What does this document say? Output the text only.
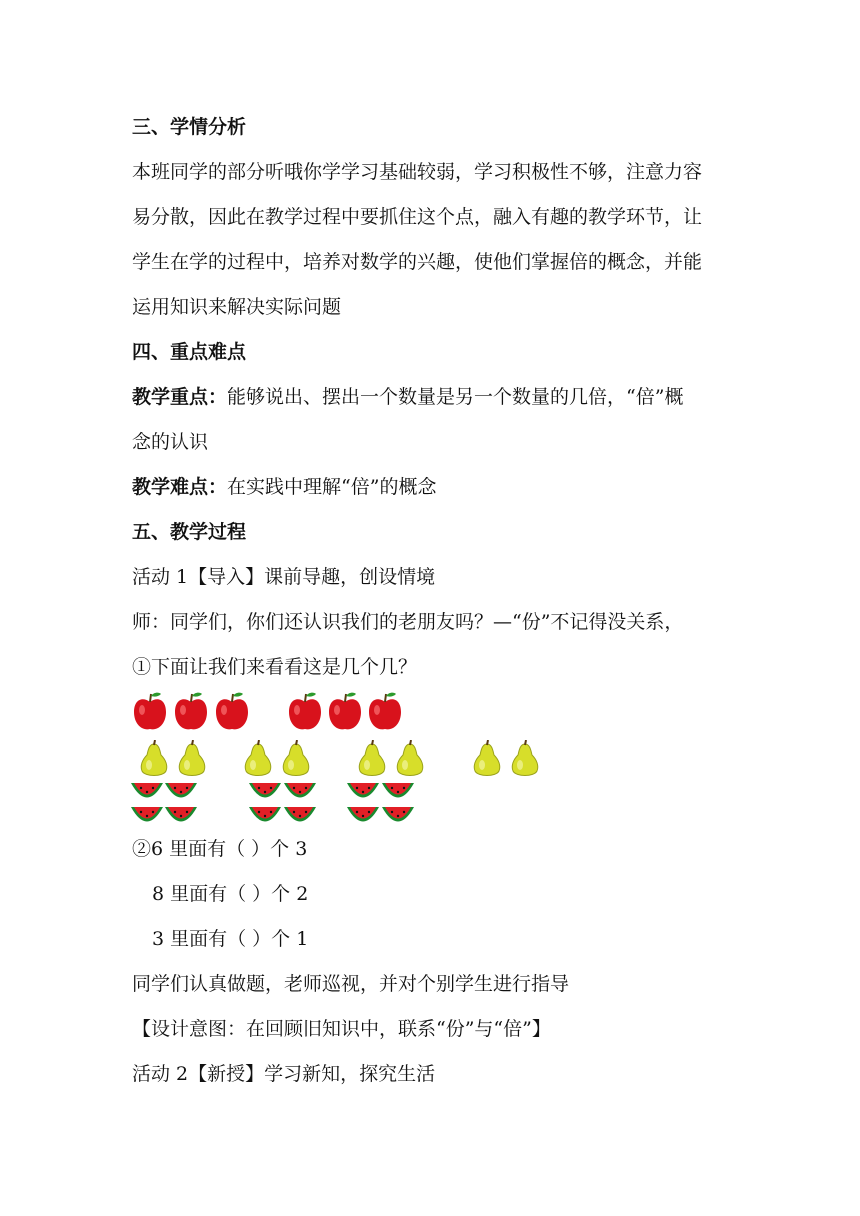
三、学情分析
本班同学的部分听哦你学学习基础较弱，学习积极性不够，注意力容
易分散，因此在教学过程中要抓住这个点，融入有趣的教学环节，让
学生在学的过程中，培养对数学的兴趣，使他们掌握倍的概念，并能
运用知识来解决实际问题
四、重点难点
教学重点：能够说出、摆出一个数量是另一个数量的几倍，“倍”概
念的认识
教学难点：在实践中理解“倍”的概念
五、教学过程
活动 1【导入】课前导趣，创设情境
师：同学们，你们还认识我们的老朋友吗？—“份”不记得没关系，
①下面让我们来看看这是几个几？
②6 里面有（ ）个 3
8 里面有（ ）个 2
3 里面有（ ）个 1
同学们认真做题，老师巡视，并对个别学生进行指导
【设计意图：在回顾旧知识中，联系“份”与“倍”】
活动 2【新授】学习新知，探究生活
